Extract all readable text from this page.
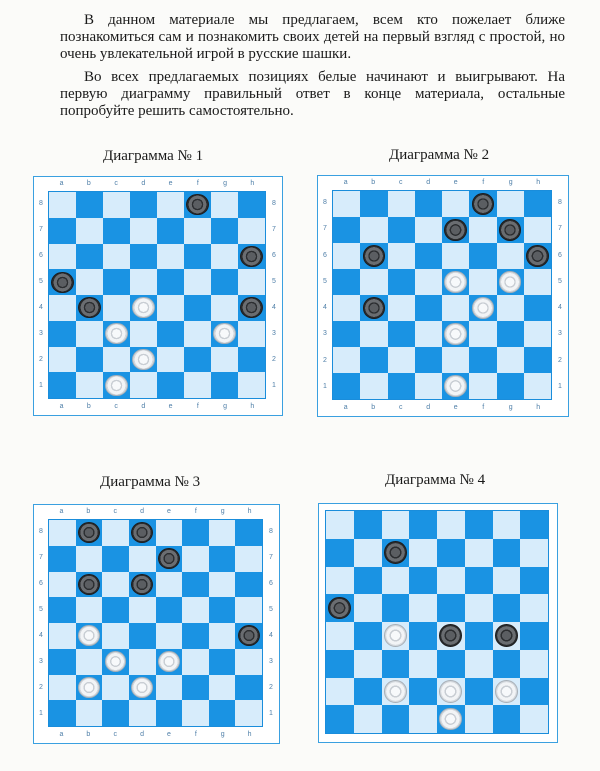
В данном материале мы предлагаем, всем кто пожелает ближе познакомиться сам и познакомить своих детей на первый взгляд с простой, но очень увлекательной игрой в русские шашки.

Во всех предлагаемых позициях белые начинают и выигрывают. На первую диаграмму правильный ответ в конце материала, остальные попробуйте решить самостоятельно.

Диаграмма № 1	Диаграмма № 2
Диаграмма № 3	Диаграмма № 4
a
a
8	8
b
b
7	7
c
c
6	6
d
d
5	5
e
e
4	4
f
f
3	3
g
g
2	2
h
h
1	1
a
a
8	8
b
b
7	7
c
c
6	6
d
d
5	5
e
e
4	4
f
f
3	3
g
g
2	2
h
h
1	1
a
a
8	8
b
b
7	7
c
c
6	6
d
d
5	5
e
e
4	4
f
f
3	3
g
g
2	2
h
h
1	1
